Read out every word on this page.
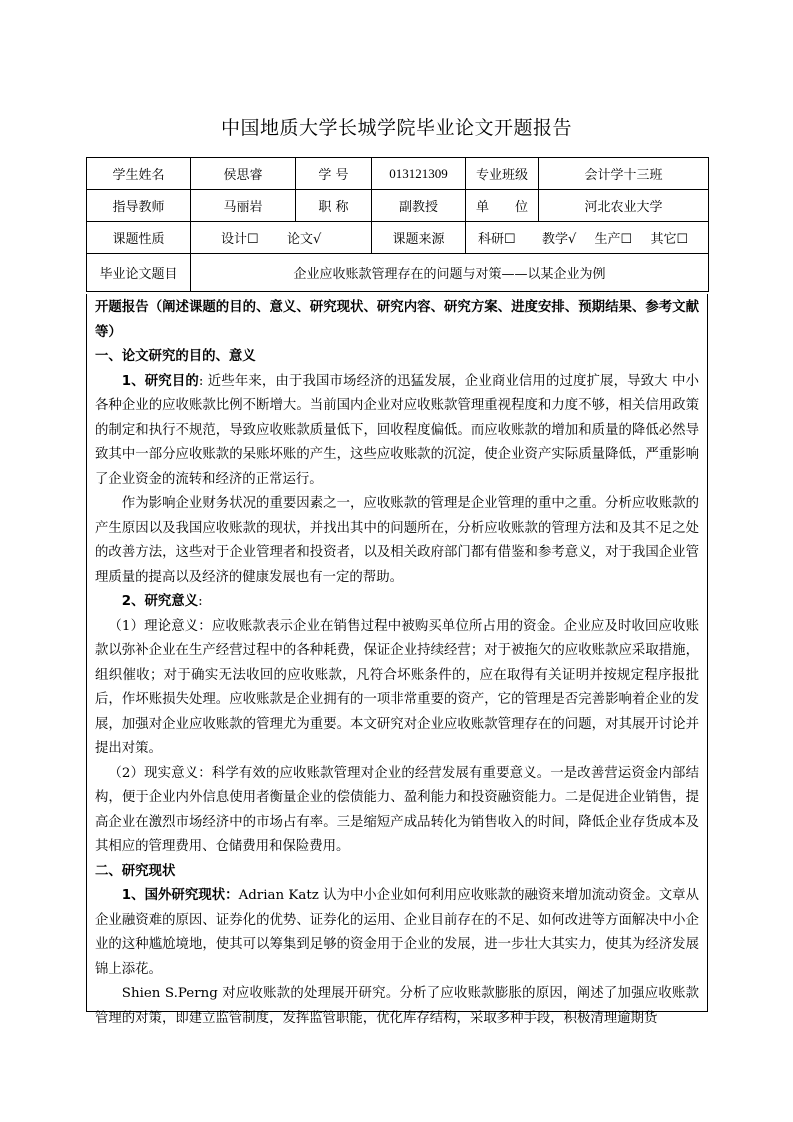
中国地质大学长城学院毕业论文开题报告
学生姓名	侯思睿	学 号	013121309	专业班级	会计学十三班
指导教师	马丽岩	职 称	副教授	单 位	河北农业大学
课题性质	设计☐ 论文√		课题来源	科研☐ 教学√ 生产☐ 其它☐	
毕业论文题目	企业应收账款管理存在的问题与对策——以某企业为例				

开题报告（阐述课题的目的、意义、研究现状、研究内容、研究方案、进度安排、预期结果、参考文献等）

一、论文研究的目的、意义

1、研究目的: 近些年来，由于我国市场经济的迅猛发展，企业商业信用的过度扩展，导致大 中小各种企业的应收账款比例不断增大。当前国内企业对应收账款管理重视程度和力度不够，相关信用政策的制定和执行不规范，导致应收账款质量低下，回收程度偏低。而应收账款的增加和质量的降低必然导致其中一部分应收账款的呆账坏账的产生，这些应收账款的沉淀，使企业资产实际质量降低，严重影响了企业资金的流转和经济的正常运行。

作为影响企业财务状况的重要因素之一，应收账款的管理是企业管理的重中之重。分析应收账款的产生原因以及我国应收账款的现状，并找出其中的问题所在，分析应收账款的管理方法和及其不足之处的改善方法，这些对于企业管理者和投资者，以及相关政府部门都有借鉴和参考意义，对于我国企业管理质量的提高以及经济的健康发展也有一定的帮助。

2、研究意义:

（1）理论意义：应收账款表示企业在销售过程中被购买单位所占用的资金。企业应及时收回应收账款以弥补企业在生产经营过程中的各种耗费，保证企业持续经营；对于被拖欠的应收账款应采取措施，组织催收；对于确实无法收回的应收账款，凡符合坏账条件的，应在取得有关证明并按规定程序报批后，作坏账损失处理。应收账款是企业拥有的一项非常重要的资产，它的管理是否完善影响着企业的发展，加强对企业应收账款的管理尤为重要。本文研究对企业应收账款管理存在的问题，对其展开讨论并提出对策。

（2）现实意义：科学有效的应收账款管理对企业的经营发展有重要意义。一是改善营运资金内部结构，便于企业内外信息使用者衡量企业的偿债能力、盈利能力和投资融资能力。二是促进企业销售，提高企业在激烈市场经济中的市场占有率。三是缩短产成品转化为销售收入的时间，降低企业存货成本及其相应的管理费用、仓储费用和保险费用。

二、研究现状

1、国外研究现状：Adrian Katz 认为中小企业如何利用应收账款的融资来增加流动资金。文章从企业融资难的原因、证券化的优势、证券化的运用、企业目前存在的不足、如何改进等方面解决中小企业的这种尴尬境地，使其可以筹集到足够的资金用于企业的发展，进一步壮大其实力，使其为经济发展锦上添花。

Shien S.Perng 对应收账款的处理展开研究。分析了应收账款膨胀的原因，阐述了加强应收账款管理的对策，即建立监管制度，发挥监管职能，优化库存结构，采取多种手段，积极清理逾期货
